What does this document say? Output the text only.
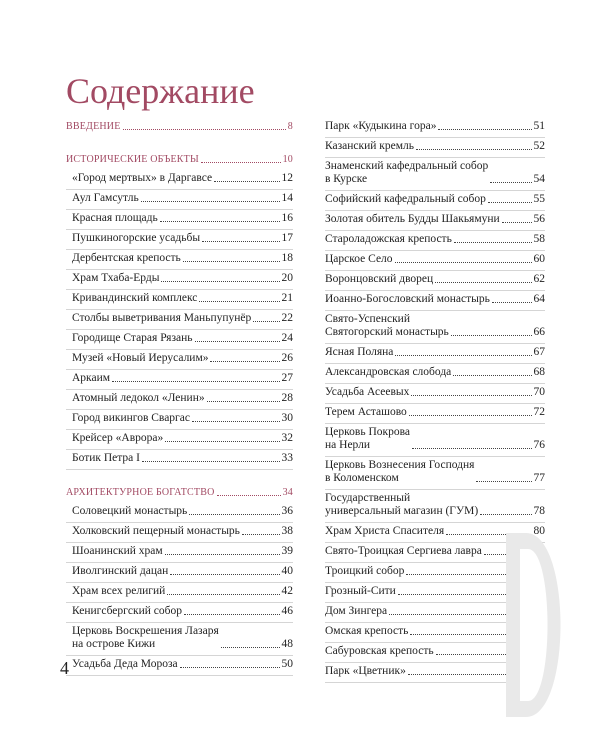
Содержание
ВВЕДЕНИЕ	8
ИСТОРИЧЕСКИЕ ОБЪЕКТЫ	10
«Город мертвых» в Даргавсе	12
Аул Гамсутль	14
Красная площадь	16
Пушкиногорские усадьбы	17
Дербентская крепость	18
Храм Тхаба-Ерды	20
Кривандинский комплекс	21
Столбы выветривания Маньпупунёр	22
Городище Старая Рязань	24
Музей «Новый Иерусалим»	26
Аркаим	27
Атомный ледокол «Ленин»	28
Город викингов Сваргас	30
Крейсер «Аврора»	32
Ботик Петра I	33
АРХИТЕКТУРНОЕ БОГАТСТВО	34
Соловецкий монастырь	36
Холковский пещерный монастырь	38
Шоанинский храм	39
Иволгинский дацан	40
Храм всех религий	42
Кенигсбергский собор	46
Церковь Воскрешения Лазаря
на острове Кижи	48
Усадьба Деда Мороза	50
Парк «Кудыкина гора»	51
Казанский кремль	52
Знаменский кафедральный собор
в Курске	54
Софийский кафедральный собор	55
Золотая обитель Будды Шакьямуни	56
Староладожская крепость	58
Царское Село	60
Воронцовский дворец	62
Иоанно-Богословский монастырь	64
Свято-Успенский
Святогорский монастырь	66
Ясная Поляна	67
Александровская слобода	68
Усадьба Асеевых	70
Терем Асташово	72
Церковь Покрова
на Нерли	76
Церковь Вознесения Господня
в Коломенском	77
Государственный
универсальный магазин (ГУМ)	78
Храм Христа Спасителя	80
Свято-Троицкая Сергиева лавра
Троицкий собор
Грозный-Сити
Дом Зингера
Омская крепость
Сабуровская крепость
Парк «Цветник»
4
